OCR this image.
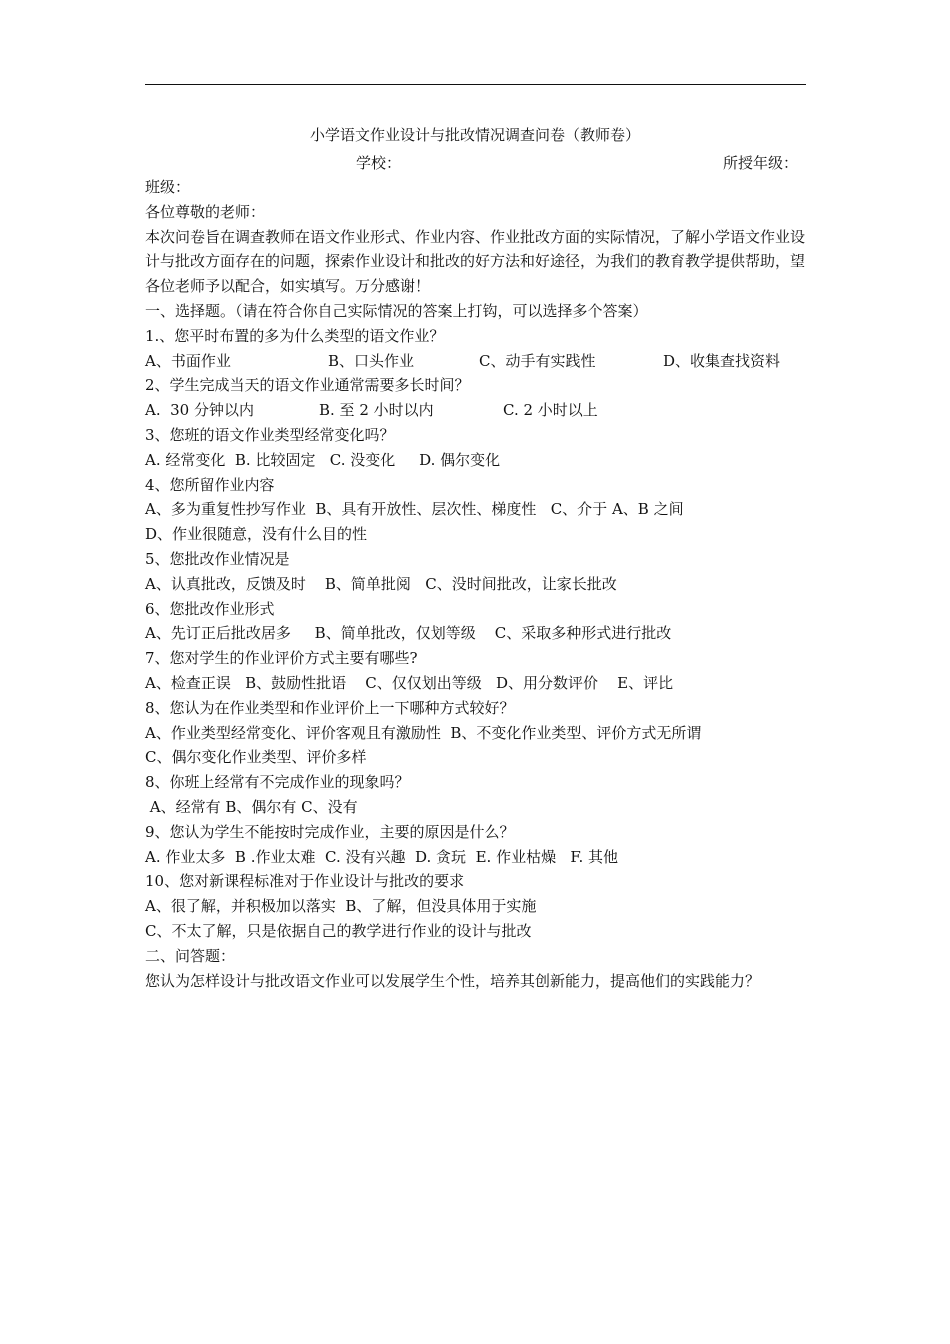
小学语文作业设计与批改情况调查问卷（教师卷）
学校：	所授年级：
班级：
各位尊敬的老师：
本次问卷旨在调查教师在语文作业形式、作业内容、作业批改方面的实际情况，了解小学语文作业设计与批改方面存在的问题，探索作业设计和批改的好方法和好途径，为我们的教育教学提供帮助，望各位老师予以配合，如实填写。万分感谢！
一、选择题。（请在符合你自己实际情况的答案上打钩，可以选择多个答案）
1.、您平时布置的多为什么类型的语文作业？
A、书面作业	B、口头作业	C、动手有实践性	D、收集查找资料
2、学生完成当天的语文作业通常需要多长时间？
A.  30 分钟以内	B. 至 2 小时以内	C. 2 小时以上
3、您班的语文作业类型经常变化吗？
A. 经常变化  B. 比较固定   C. 没变化     D. 偶尔变化
4、您所留作业内容
A、多为重复性抄写作业  B、具有开放性、层次性、梯度性   C、介于 A、B 之间
D、作业很随意，没有什么目的性
5、您批改作业情况是
A、认真批改，反馈及时    B、简单批阅   C、没时间批改，让家长批改
6、您批改作业形式
A、先订正后批改居多     B、简单批改，仅划等级    C、采取多种形式进行批改
7、您对学生的作业评价方式主要有哪些?
A、检查正误   B、鼓励性批语    C、仅仅划出等级   D、用分数评价    E、评比
8、您认为在作业类型和作业评价上一下哪种方式较好？
A、作业类型经常变化、评价客观且有激励性  B、不变化作业类型、评价方式无所谓
C、偶尔变化作业类型、评价多样
8、你班上经常有不完成作业的现象吗？
A、经常有 B、偶尔有 C、没有
9、您认为学生不能按时完成作业，主要的原因是什么？
A. 作业太多  B .作业太难  C. 没有兴趣  D. 贪玩  E. 作业枯燥   F. 其他
10、您对新课程标准对于作业设计与批改的要求
A、很了解，并积极加以落实  B、了解，但没具体用于实施
C、不太了解，只是依据自己的教学进行作业的设计与批改
二、问答题：
您认为怎样设计与批改语文作业可以发展学生个性，培养其创新能力，提高他们的实践能力？
